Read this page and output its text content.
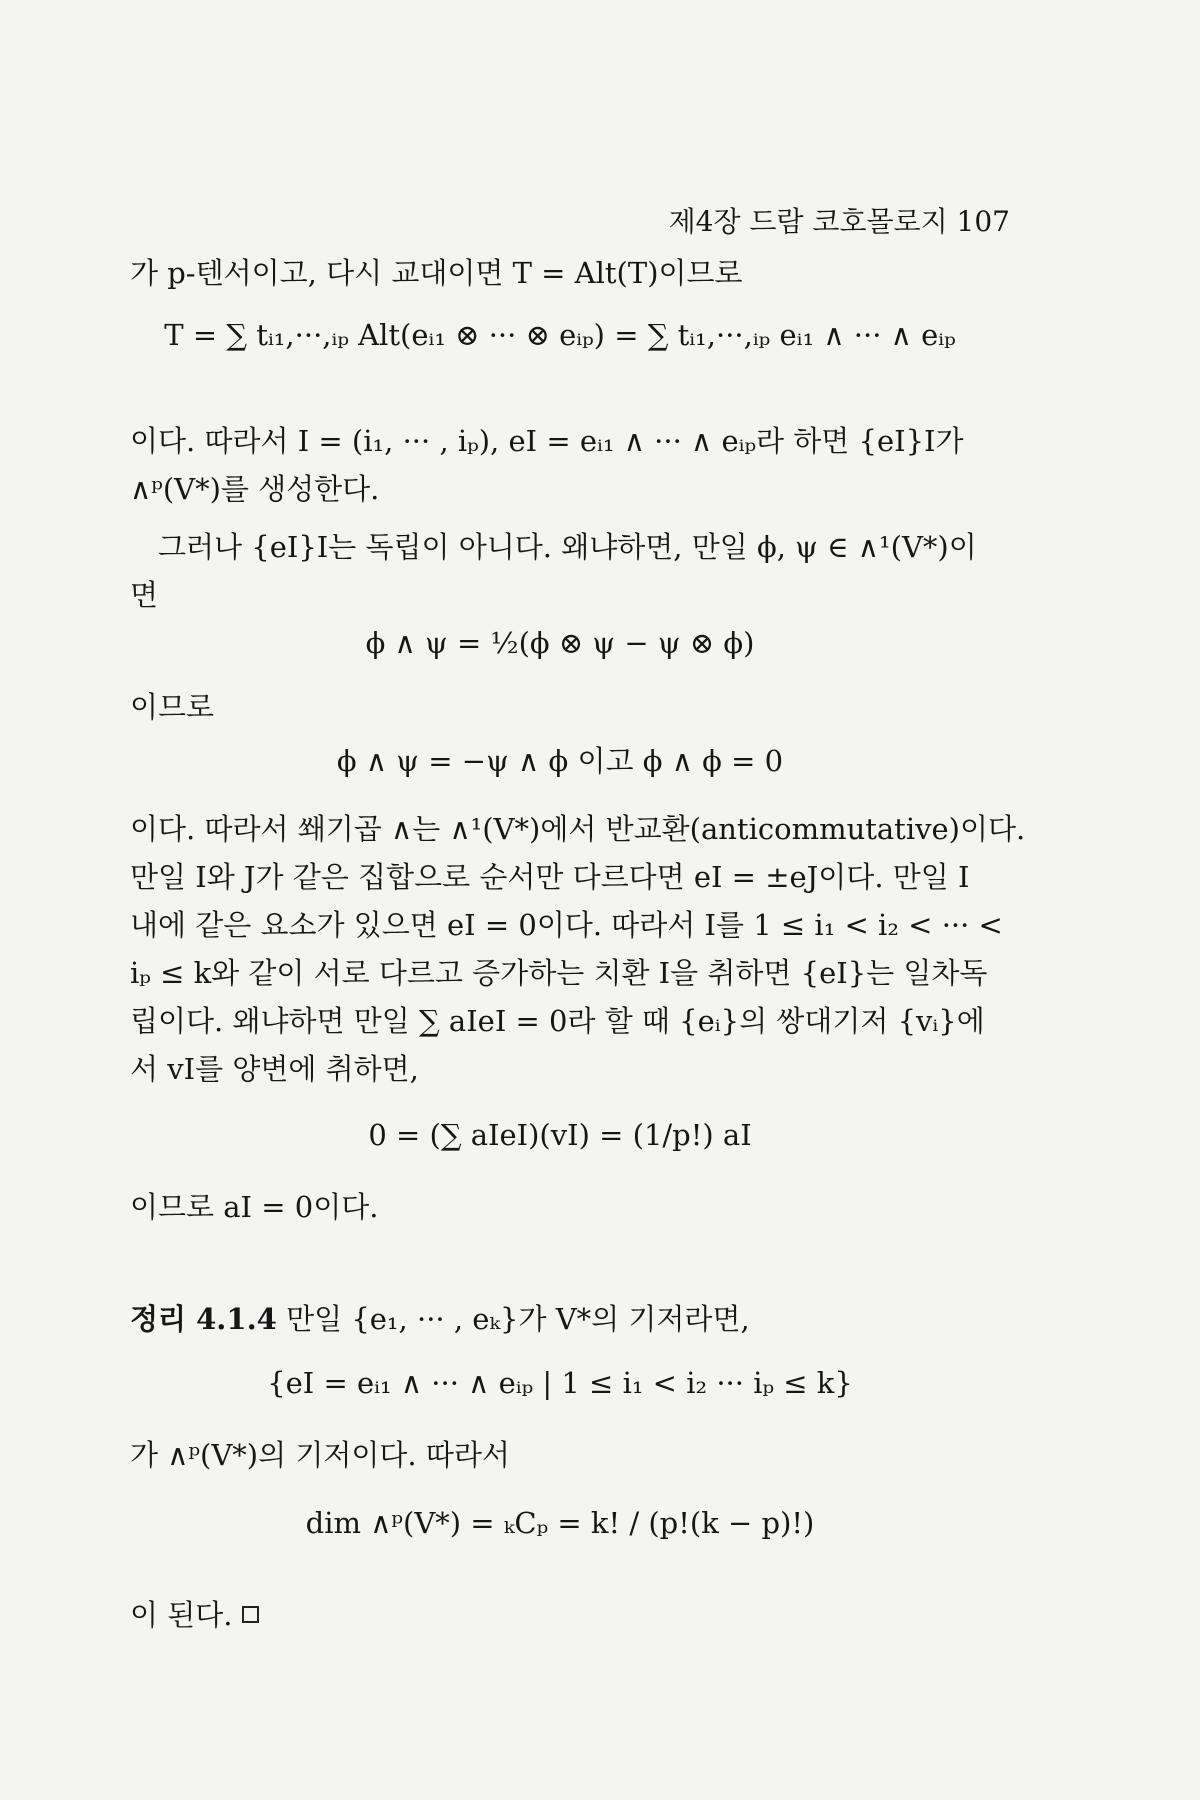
제4장 드람 코호몰로지 107
가 p-텐서이고, 다시 교대이면 T = Alt(T)이므로
T = ∑ tᵢ₁,···,ᵢₚ Alt(eᵢ₁ ⊗ ··· ⊗ eᵢₚ) = ∑ tᵢ₁,···,ᵢₚ eᵢ₁ ∧ ··· ∧ eᵢₚ
이다. 따라서 I = (i₁, ··· , iₚ), eI = eᵢ₁ ∧ ··· ∧ eᵢₚ라 하면 {eI}I가
∧ᵖ(V*)를 생성한다.
그러나 {eI}I는 독립이 아니다. 왜냐하면, 만일 ϕ, ψ ∈ ∧¹(V*)이
면
ϕ ∧ ψ = ½(ϕ ⊗ ψ − ψ ⊗ ϕ)
이므로
ϕ ∧ ψ = −ψ ∧ ϕ 이고 ϕ ∧ ϕ = 0
이다. 따라서 쐐기곱 ∧는 ∧¹(V*)에서 반교환(anticommutative)이다.
만일 I와 J가 같은 집합으로 순서만 다르다면 eI = ±eJ이다. 만일 I
내에 같은 요소가 있으면 eI = 0이다. 따라서 I를 1 ≤ i₁ < i₂ < ··· <
iₚ ≤ k와 같이 서로 다르고 증가하는 치환 I을 취하면 {eI}는 일차독
립이다. 왜냐하면 만일 ∑ aIeI = 0라 할 때 {eᵢ}의 쌍대기저 {vᵢ}에
서 vI를 양변에 취하면,
0 = (∑ aIeI)(vI) = (1/p!) aI
이므로 aI = 0이다.
정리 4.1.4 만일 {e₁, ··· , eₖ}가 V*의 기저라면,
{eI = eᵢ₁ ∧ ··· ∧ eᵢₚ | 1 ≤ i₁ < i₂ ··· iₚ ≤ k}
가 ∧ᵖ(V*)의 기저이다. 따라서
dim ∧ᵖ(V*) = ₖCₚ = k! / (p!(k − p)!)
이 된다.
